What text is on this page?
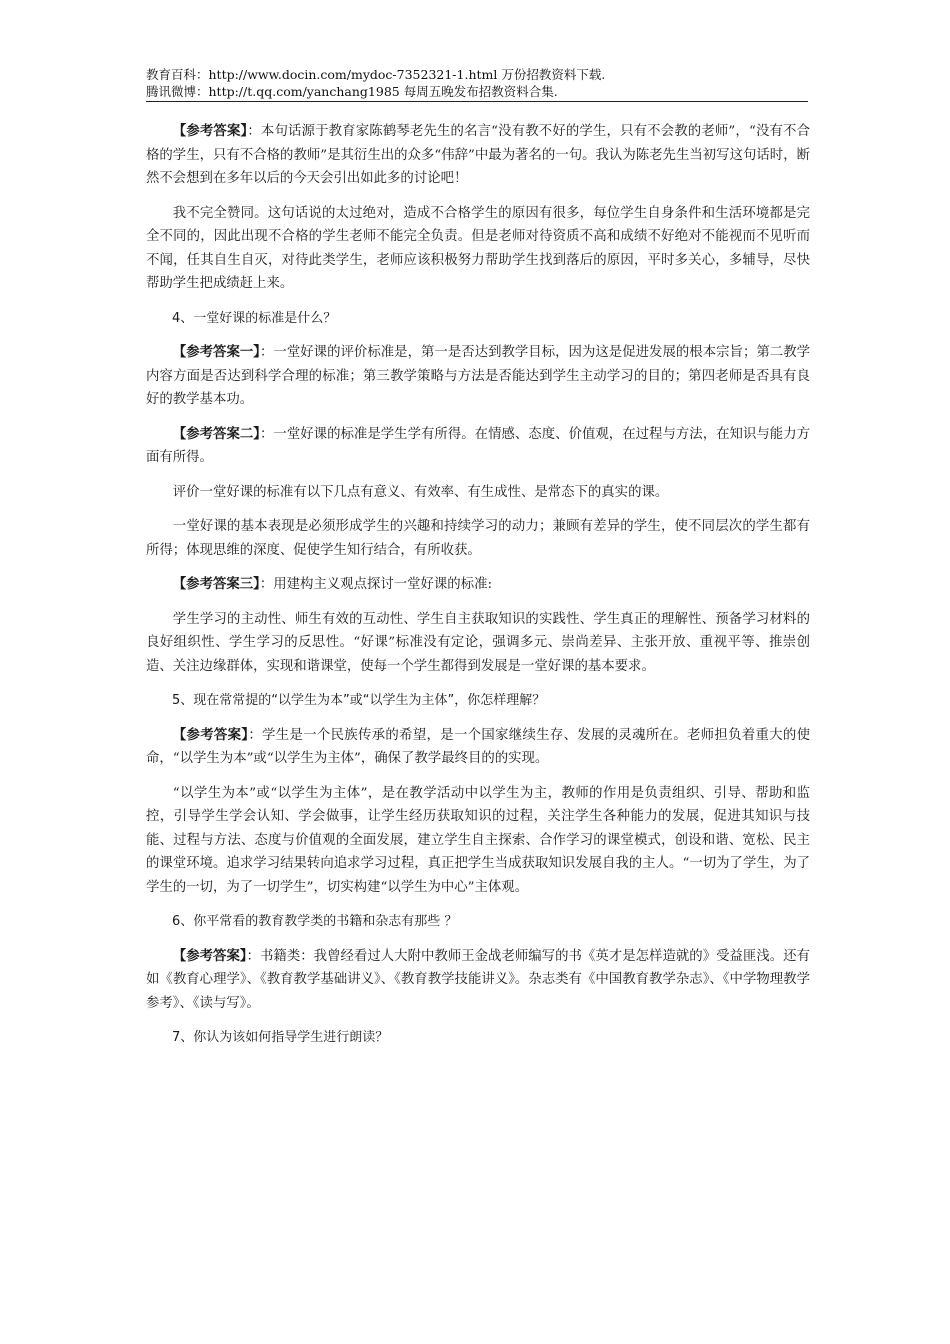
教育百科：http://www.docin.com/mydoc-7352321-1.html 万份招教资料下载.
腾讯微博：http://t.qq.com/yanchang1985 每周五晚发布招教资料合集.

【参考答案】：本句话源于教育家陈鹤琴老先生的名言“没有教不好的学生，只有不会教的老师”，“没有不合格的学生，只有不合格的教师”是其衍生出的众多“伟辞”中最为著名的一句。我认为陈老先生当初写这句话时，断然不会想到在多年以后的今天会引出如此多的讨论吧！

我不完全赞同。这句话说的太过绝对，造成不合格学生的原因有很多，每位学生自身条件和生活环境都是完全不同的，因此出现不合格的学生老师不能完全负责。但是老师对待资质不高和成绩不好绝对不能视而不见听而不闻，任其自生自灭，对待此类学生，老师应该积极努力帮助学生找到落后的原因，平时多关心，多辅导，尽快帮助学生把成绩赶上来。

4、一堂好课的标准是什么？

【参考答案一】：一堂好课的评价标准是，第一是否达到教学目标，因为这是促进发展的根本宗旨；第二教学内容方面是否达到科学合理的标准；第三教学策略与方法是否能达到学生主动学习的目的；第四老师是否具有良好的教学基本功。

【参考答案二】：一堂好课的标准是学生学有所得。在情感、态度、价值观，在过程与方法，在知识与能力方面有所得。

评价一堂好课的标准有以下几点有意义、有效率、有生成性、是常态下的真实的课。

一堂好课的基本表现是必须形成学生的兴趣和持续学习的动力；兼顾有差异的学生，使不同层次的学生都有所得；体现思维的深度、促使学生知行结合，有所收获。

【参考答案三】：用建构主义观点探讨一堂好课的标准:

学生学习的主动性、师生有效的互动性、学生自主获取知识的实践性、学生真正的理解性、预备学习材料的良好组织性、学生学习的反思性。“好课”标准没有定论，强调多元、崇尚差异、主张开放、重视平等、推崇创造、关注边缘群体，实现和谐课堂，使每一个学生都得到发展是一堂好课的基本要求。

5、现在常常提的“以学生为本”或“以学生为主体”，你怎样理解？

【参考答案】：学生是一个民族传承的希望，是一个国家继续生存、发展的灵魂所在。老师担负着重大的使命，“以学生为本”或“以学生为主体”，确保了教学最终目的的实现。

“以学生为本”或“以学生为主体”，是在教学活动中以学生为主，教师的作用是负责组织、引导、帮助和监控，引导学生学会认知、学会做事，让学生经历获取知识的过程，关注学生各种能力的发展，促进其知识与技能、过程与方法、态度与价值观的全面发展，建立学生自主探索、合作学习的课堂模式，创设和谐、宽松、民主的课堂环境。追求学习结果转向追求学习过程，真正把学生当成获取知识发展自我的主人。“一切为了学生，为了学生的一切，为了一切学生”，切实构建“以学生为中心”主体观。

6、你平常看的教育教学类的书籍和杂志有那些 ？

【参考答案】：书籍类：我曾经看过人大附中教师王金战老师编写的书《英才是怎样造就的》受益匪浅。还有如《教育心理学》、《教育教学基础讲义》、《教育教学技能讲义》。杂志类有《中国教育教学杂志》、《中学物理教学参考》、《读与写》。

7、你认为该如何指导学生进行朗读？
